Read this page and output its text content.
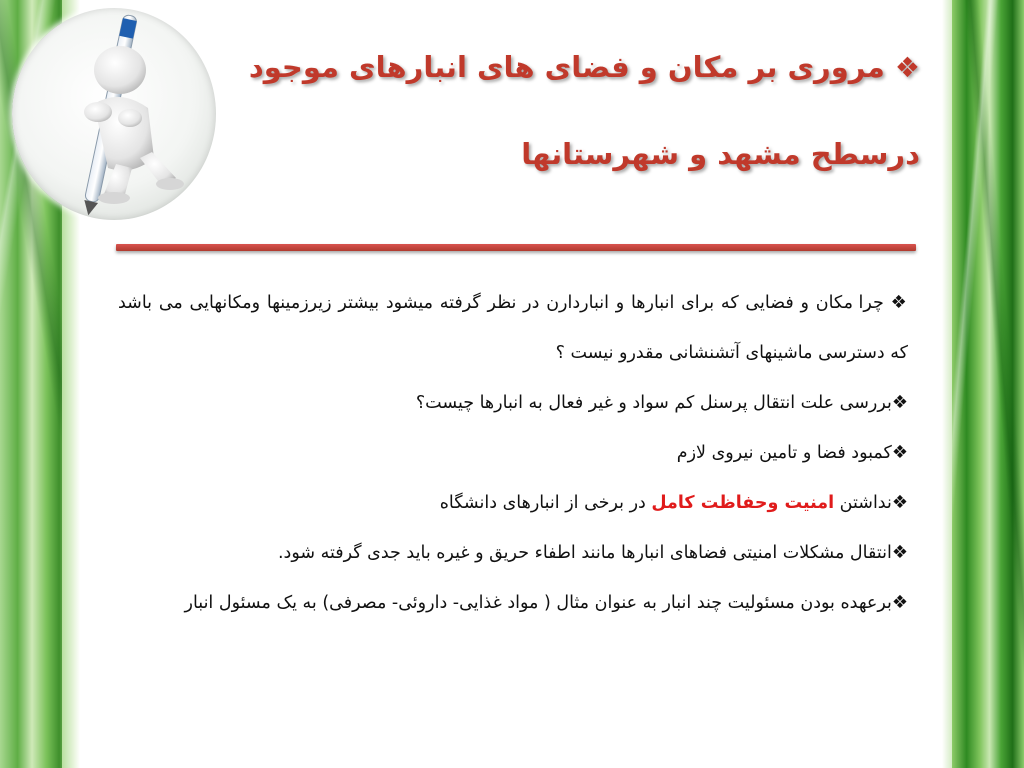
❖ مروری بر مکان و فضای های انبارهای موجود
درسطح مشهد و شهرستانها

❖ چرا مکان و فضایی که برای انبارها و انباردارن در نظر گرفته میشود بیشتر زیرزمینها ومکانهایی می باشد که دسترسی ماشینهای آتشنشانی مقدرو نیست ؟

❖بررسی علت انتقال پرسنل کم سواد و غیر فعال به انبارها چیست؟

❖کمبود فضا و تامین نیروی لازم

❖نداشتن امنیت وحفاظت کامل در برخی از انبارهای دانشگاه

❖انتقال مشکلات امنیتی فضاهای انبارها مانند اطفاء حریق و غیره باید جدی گرفته شود.

❖برعهده بودن مسئولیت چند انبار به عنوان مثال ( مواد غذایی- داروئی- مصرفی) به یک مسئول انبار
